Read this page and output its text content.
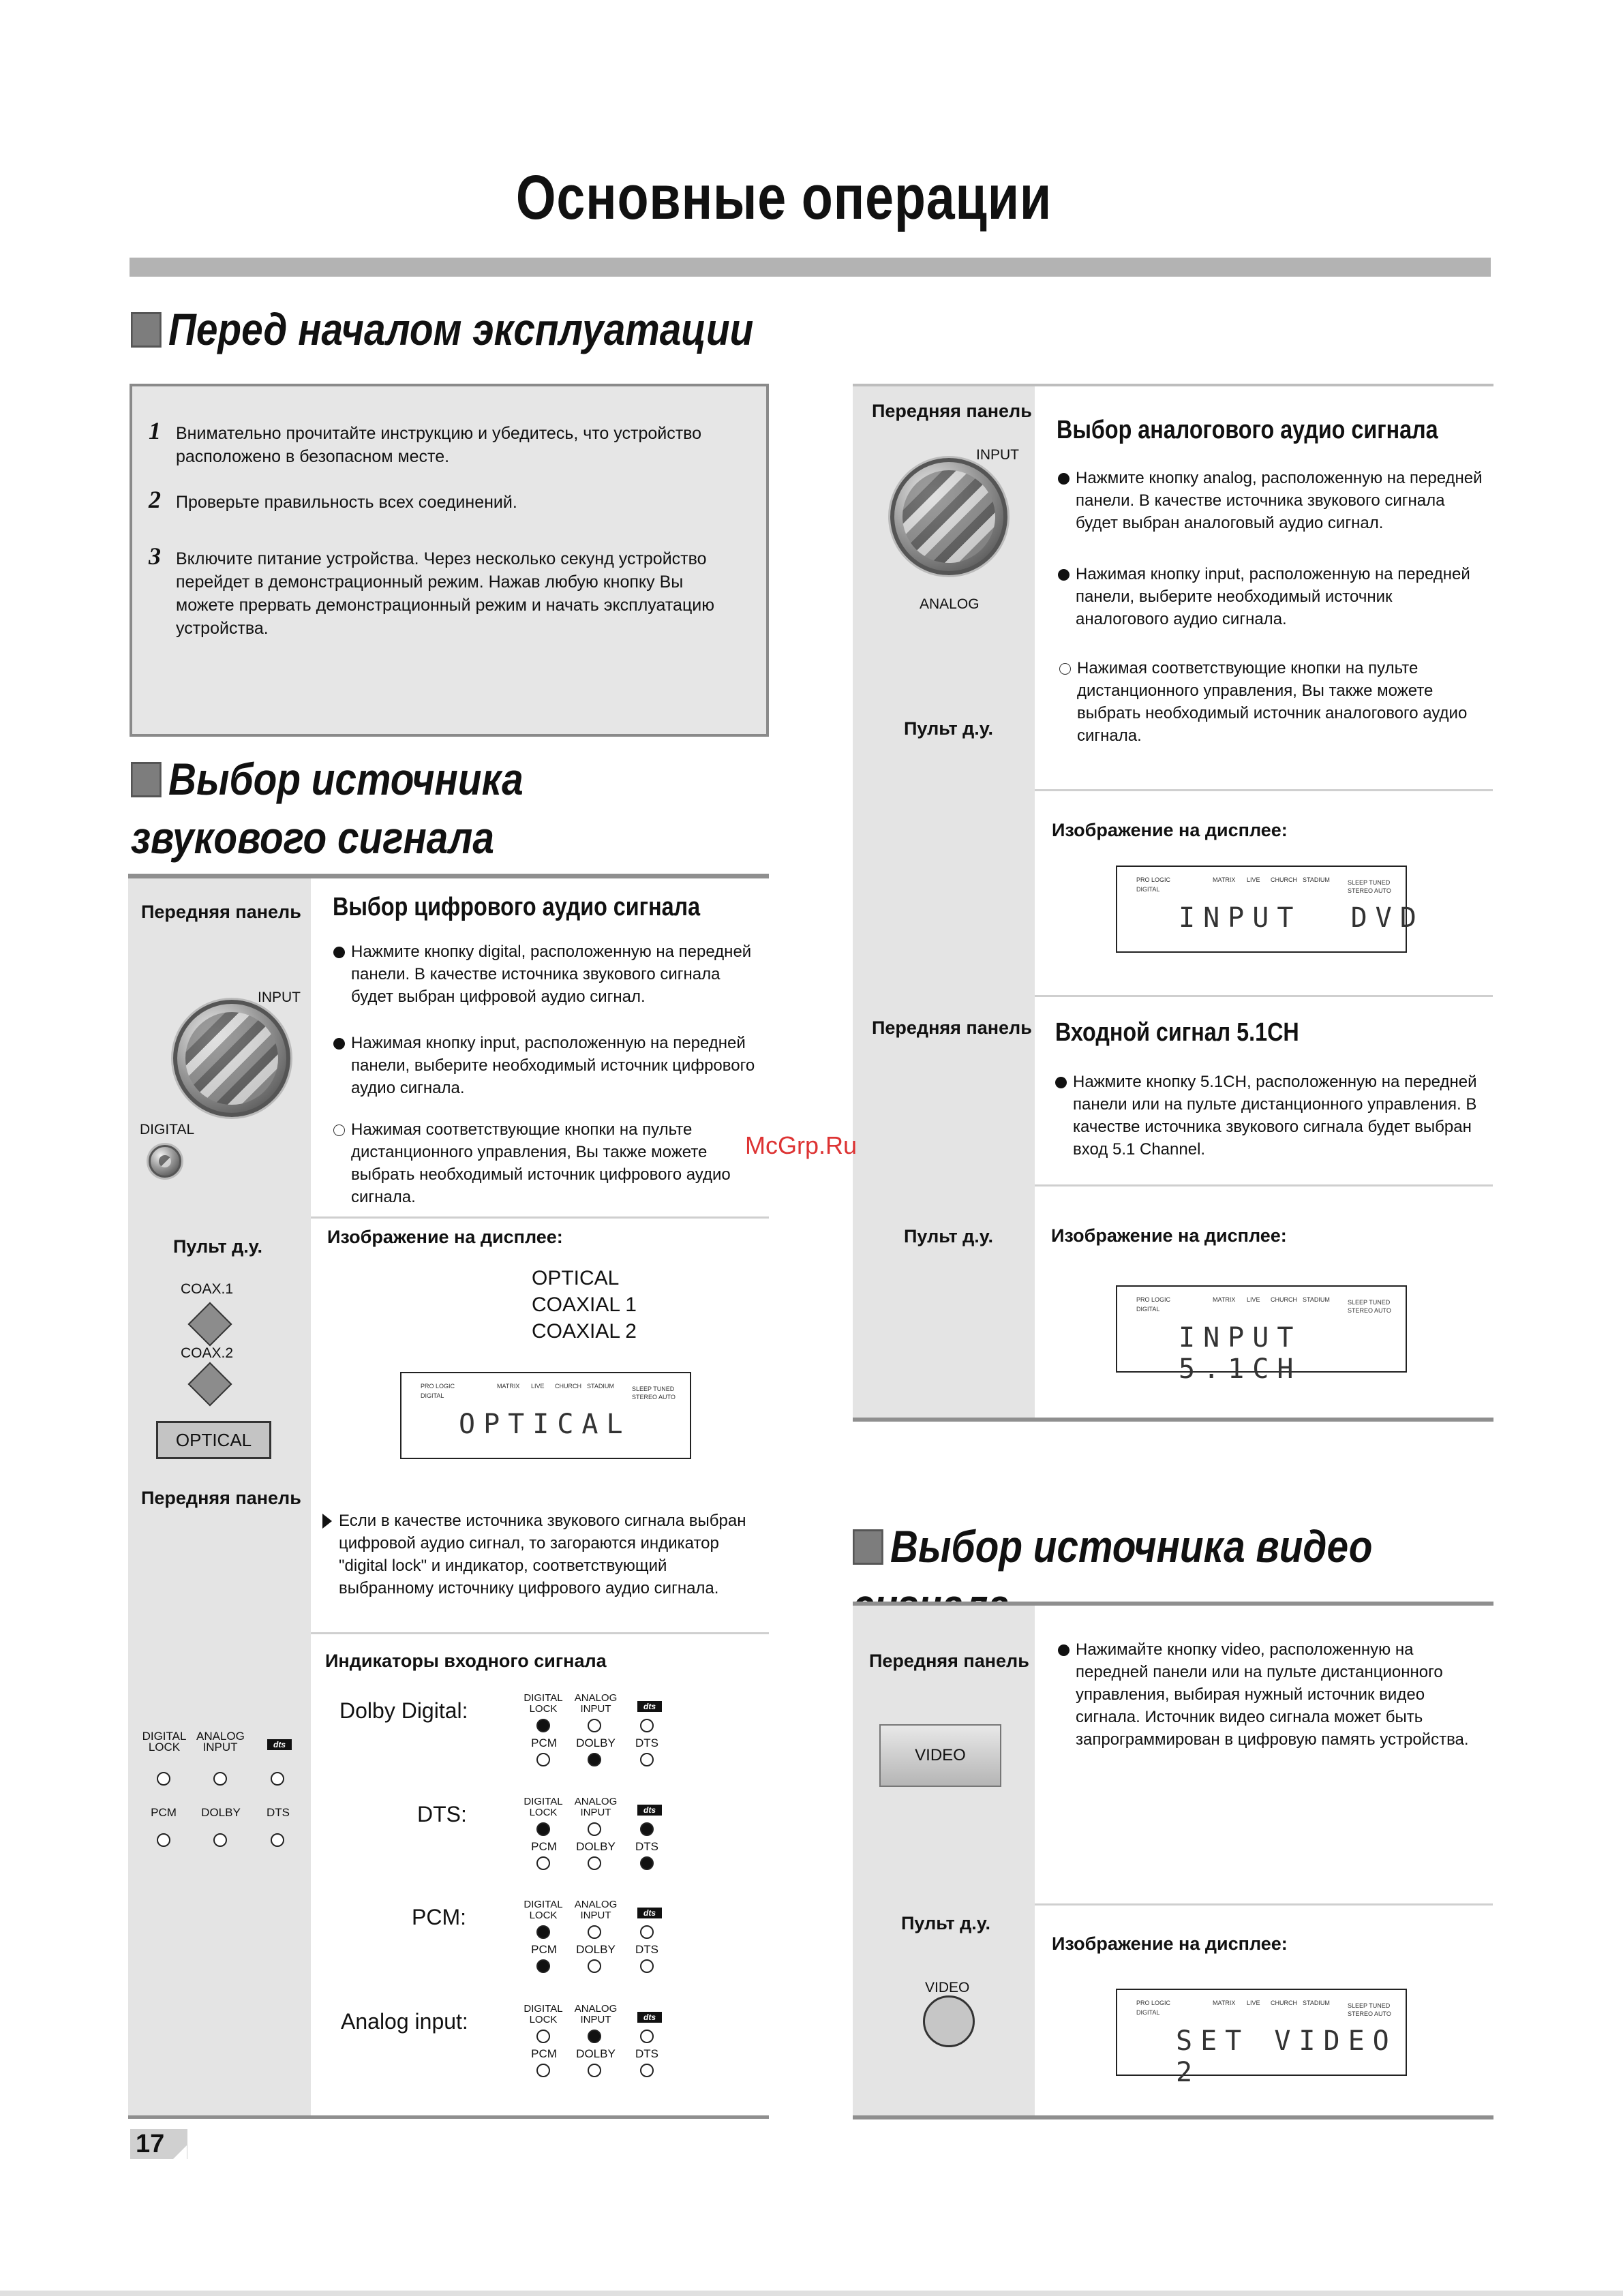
Основные операции
Перед началом эксплуатации
1 Внимательно прочитайте инструкцию и убедитесь, что устройство расположено в безопасном месте.
2 Проверьте правильность всех соединений.
3 Включите питание устройства. Через несколько секунд устройство перейдет в демонстрационный режим. Нажав любую кнопку Вы можете прервать демонстрационный режим и начать эксплуатацию устройства.
Выбор источника звукового сигнала
Передняя панель
INPUT
DIGITAL
Пульт д.у.
COAX.1
COAX.2
OPTICAL
Выбор цифрового аудио сигнала
Нажмите кнопку digital, расположенную на передней панели. В качестве источника звукового сигнала будет выбран цифровой аудио сигнал.
Нажимая кнопку input, расположенную на передней панели, выберите необходимый источник цифрового аудио сигнала.
Нажимая соответствующие кнопки на пульте дистанционного управления, Вы также можете выбрать необходимый источник цифрового аудио сигнала.
Изображение на дисплее:
OPTICAL
COAXIAL 1
COAXIAL 2
PRO LOGIC
DIGITAL
MATRIX LIVE CHURCH STADIUM	SLEEP TUNED
STEREO AUTO
OPTICAL
Передняя панель
Если в качестве источника звукового сигнала выбран цифровой аудио сигнал, то загораются индикатор "digital lock" и индикатор, соответствующий выбранному источнику цифрового аудио сигнала.
Индикаторы входного сигнала
DIGITAL LOCK
ANALOG INPUT	dts
PCM	DOLBY	DTS
Dolby Digital:
DIGITAL LOCK
ANALOG INPUT	dts
PCM	DOLBY	DTS
DTS:
DIGITAL LOCK
ANALOG INPUT	dts
PCM	DOLBY	DTS
PCM:
DIGITAL LOCK
ANALOG INPUT	dts
PCM	DOLBY	DTS
Analog input:
DIGITAL LOCK
ANALOG INPUT	dts
PCM	DOLBY	DTS
Передняя панель
INPUT
ANALOG
Пульт д.у.
Выбор аналогового аудио сигнала
Нажмите кнопку analog, расположенную на передней панели. В качестве источника звукового сигнала будет выбран аналоговый аудио сигнал.
Нажимая кнопку input, расположенную на передней панели, выберите необходимый источник аналогового аудио сигнала.
Нажимая соответствующие кнопки на пульте дистанционного управления, Вы также можете выбрать необходимый источник аналогового аудио сигнала.
Изображение на дисплее:
PRO LOGIC
DIGITAL
MATRIX LIVE CHURCH STADIUM	SLEEP TUNED
STEREO AUTO
INPUT  DVD
Передняя панель
Пульт д.у.
Входной сигнал 5.1CH
Нажмите кнопку 5.1CH, расположенную на передней панели или на пульте дистанционного управления. В качестве источника звукового сигнала будет выбран вход 5.1 Channel.
Изображение на дисплее:
PRO LOGIC
DIGITAL
MATRIX LIVE CHURCH STADIUM	SLEEP TUNED
STEREO AUTO
INPUT 5.1CH
McGrp.Ru
Выбор источника видео
Передняя панель
VIDEO
Пульт д.у.
VIDEO
Нажимайте кнопку video, расположенную на передней панели или на пульте дистанционного управления, выбирая нужный источник видео сигнала. Источник видео сигнала может быть запрограммирован в цифровую память устройства.
Изображение на дисплее:
PRO LOGIC
DIGITAL
MATRIX LIVE CHURCH STADIUM	SLEEP TUNED
STEREO AUTO
SET VIDEO 2
17
